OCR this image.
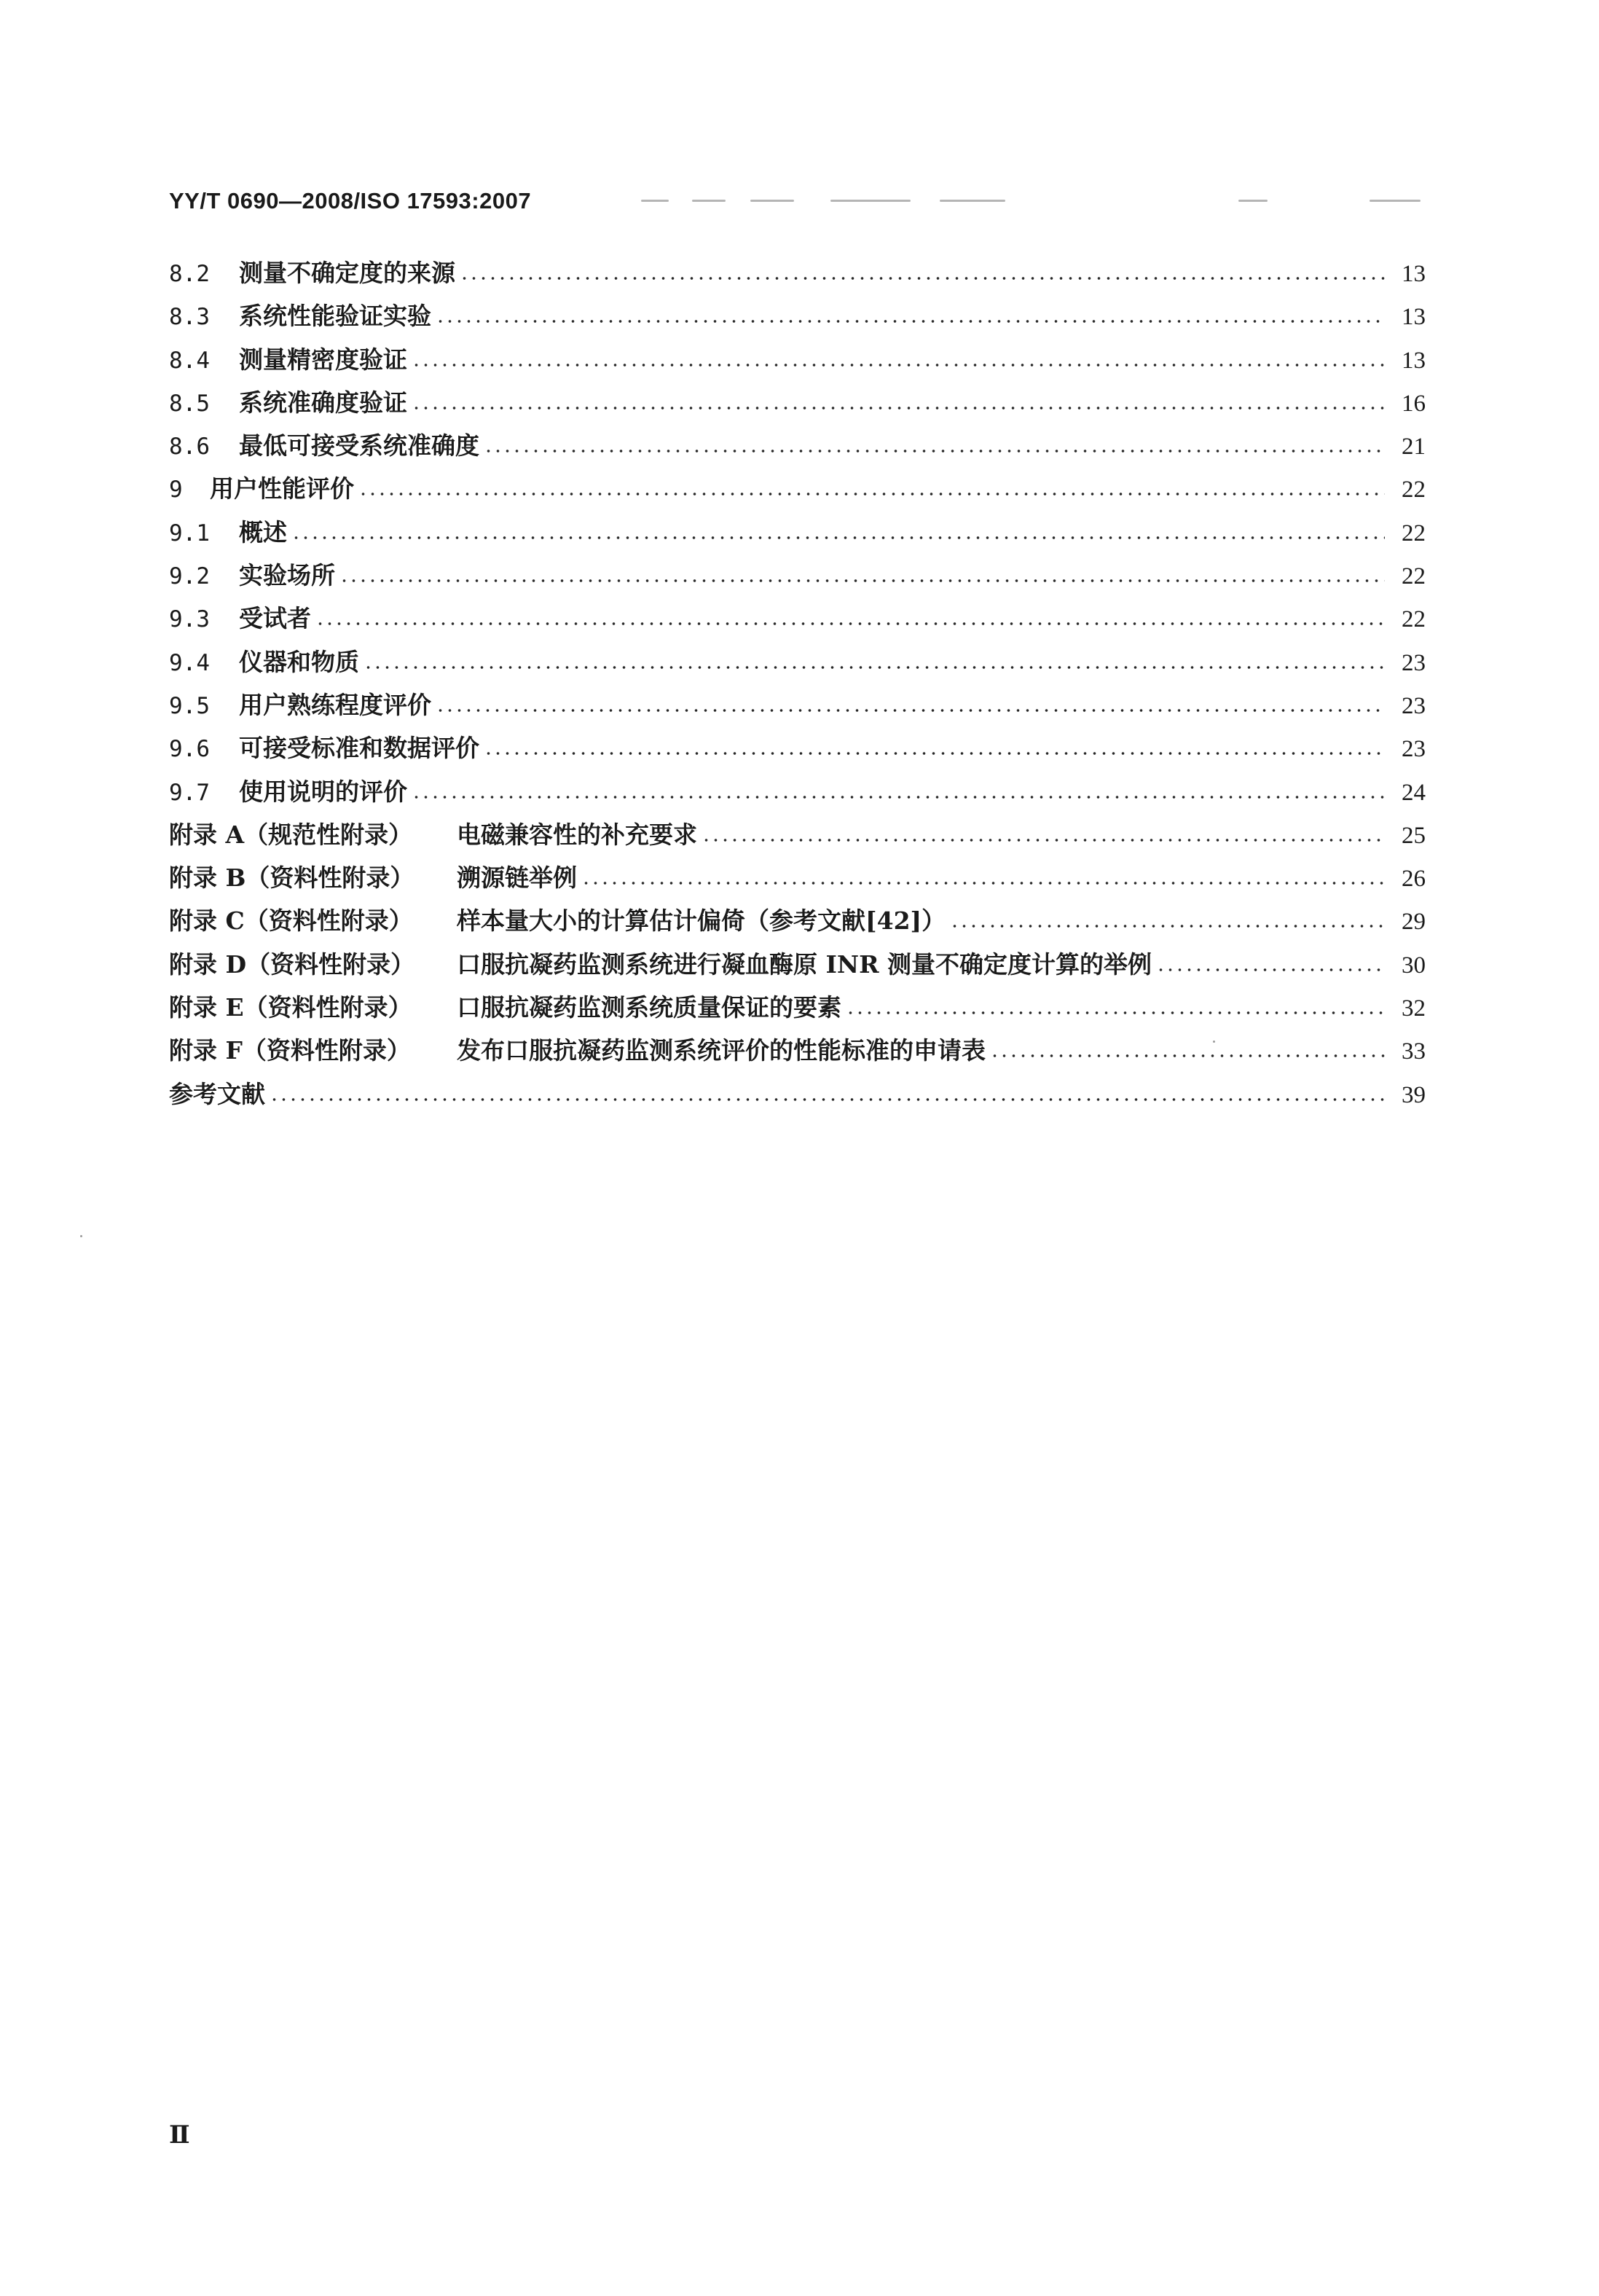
YY/T 0690—2008/ISO 17593:2007
8.2	测量不确定度的来源	13
8.3	系统性能验证实验	13
8.4	测量精密度验证	13
8.5	系统准确度验证	16
8.6	最低可接受系统准确度	21
9	用户性能评价	22
9.1	概述	22
9.2	实验场所	22
9.3	受试者	22
9.4	仪器和物质	23
9.5	用户熟练程度评价	23
9.6	可接受标准和数据评价	23
9.7	使用说明的评价	24
附录 A（规范性附录）	电磁兼容性的补充要求	25
附录 B（资料性附录）	溯源链举例	26
附录 C（资料性附录）	样本量大小的计算估计偏倚（参考文献[42]）	29
附录 D（资料性附录）	口服抗凝药监测系统进行凝血酶原 INR 测量不确定度计算的举例	30
附录 E（资料性附录）	口服抗凝药监测系统质量保证的要素	32
附录 F（资料性附录）	发布口服抗凝药监测系统评价的性能标准的申请表	33
参考文献	39
Ⅱ
